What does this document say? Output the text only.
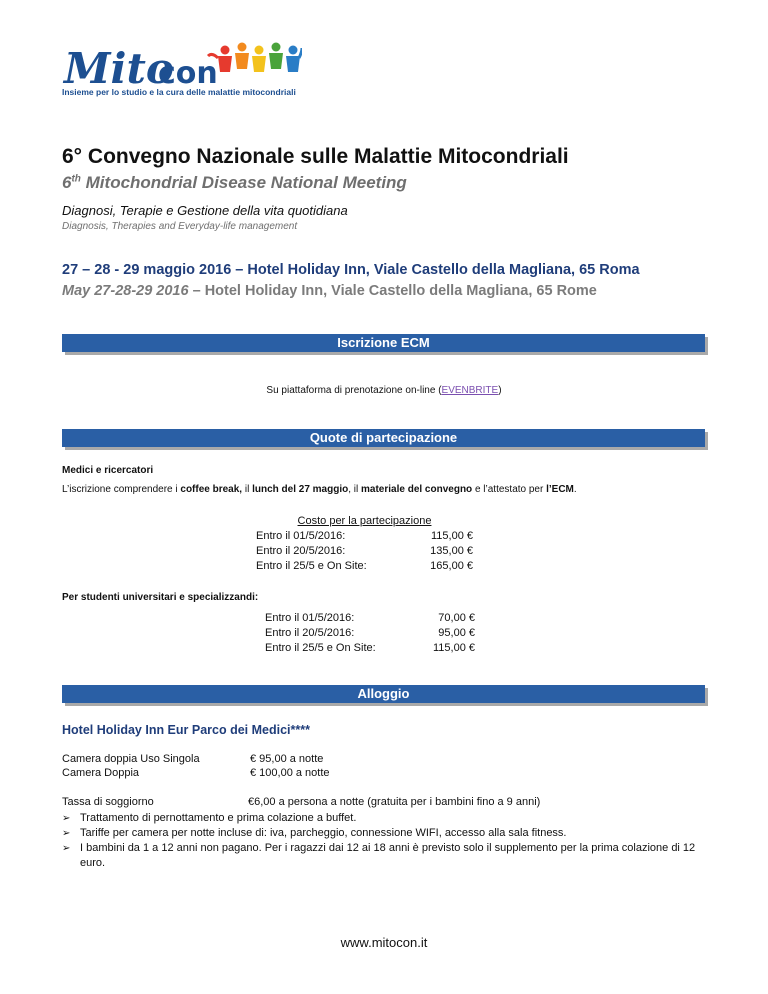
Mito
con
Insieme per lo studio e la cura delle malattie mitocondriali
6° Convegno Nazionale sulle Malattie Mitocondriali
6th Mitochondrial Disease National Meeting
Diagnosi, Terapie e Gestione della vita quotidiana
Diagnosis, Therapies and Everyday-life management
27 – 28 - 29 maggio 2016 – Hotel Holiday Inn, Viale Castello della Magliana, 65 Roma
May 27-28-29 2016 – Hotel Holiday Inn, Viale Castello della Magliana, 65 Rome
Iscrizione ECM
Su piattaforma di prenotazione on-line (EVENBRITE)
Quote di partecipazione
Medici e ricercatori
L’iscrizione comprendere i coffee break, il lunch del 27 maggio, il materiale del convegno e l’attestato per l’ECM.
Costo per la partecipazione
Entro il 01/5/2016:	115,00 €
Entro il 20/5/2016:	135,00 €
Entro il 25/5 e On Site:	165,00 €
Per studenti universitari e specializzandi:
Entro il 01/5/2016:	70,00 €
Entro il 20/5/2016:	95,00 €
Entro il 25/5 e On Site:	115,00 €
Alloggio
Hotel Holiday Inn Eur Parco dei Medici****
Camera doppia Uso Singola	€ 95,00 a notte
Camera Doppia	€ 100,00 a notte
Tassa di soggiorno	€6,00 a persona a notte (gratuita per i bambini fino a 9 anni)
➢ Trattamento di pernottamento e prima colazione a buffet.
➢ Tariffe per camera per notte incluse di: iva, parcheggio, connessione WIFI, accesso alla sala fitness.
➢ I bambini da 1 a 12 anni non pagano. Per i ragazzi dai 12 ai 18 anni è previsto solo il supplemento per la prima colazione di 12 euro.
www.mitocon.it
